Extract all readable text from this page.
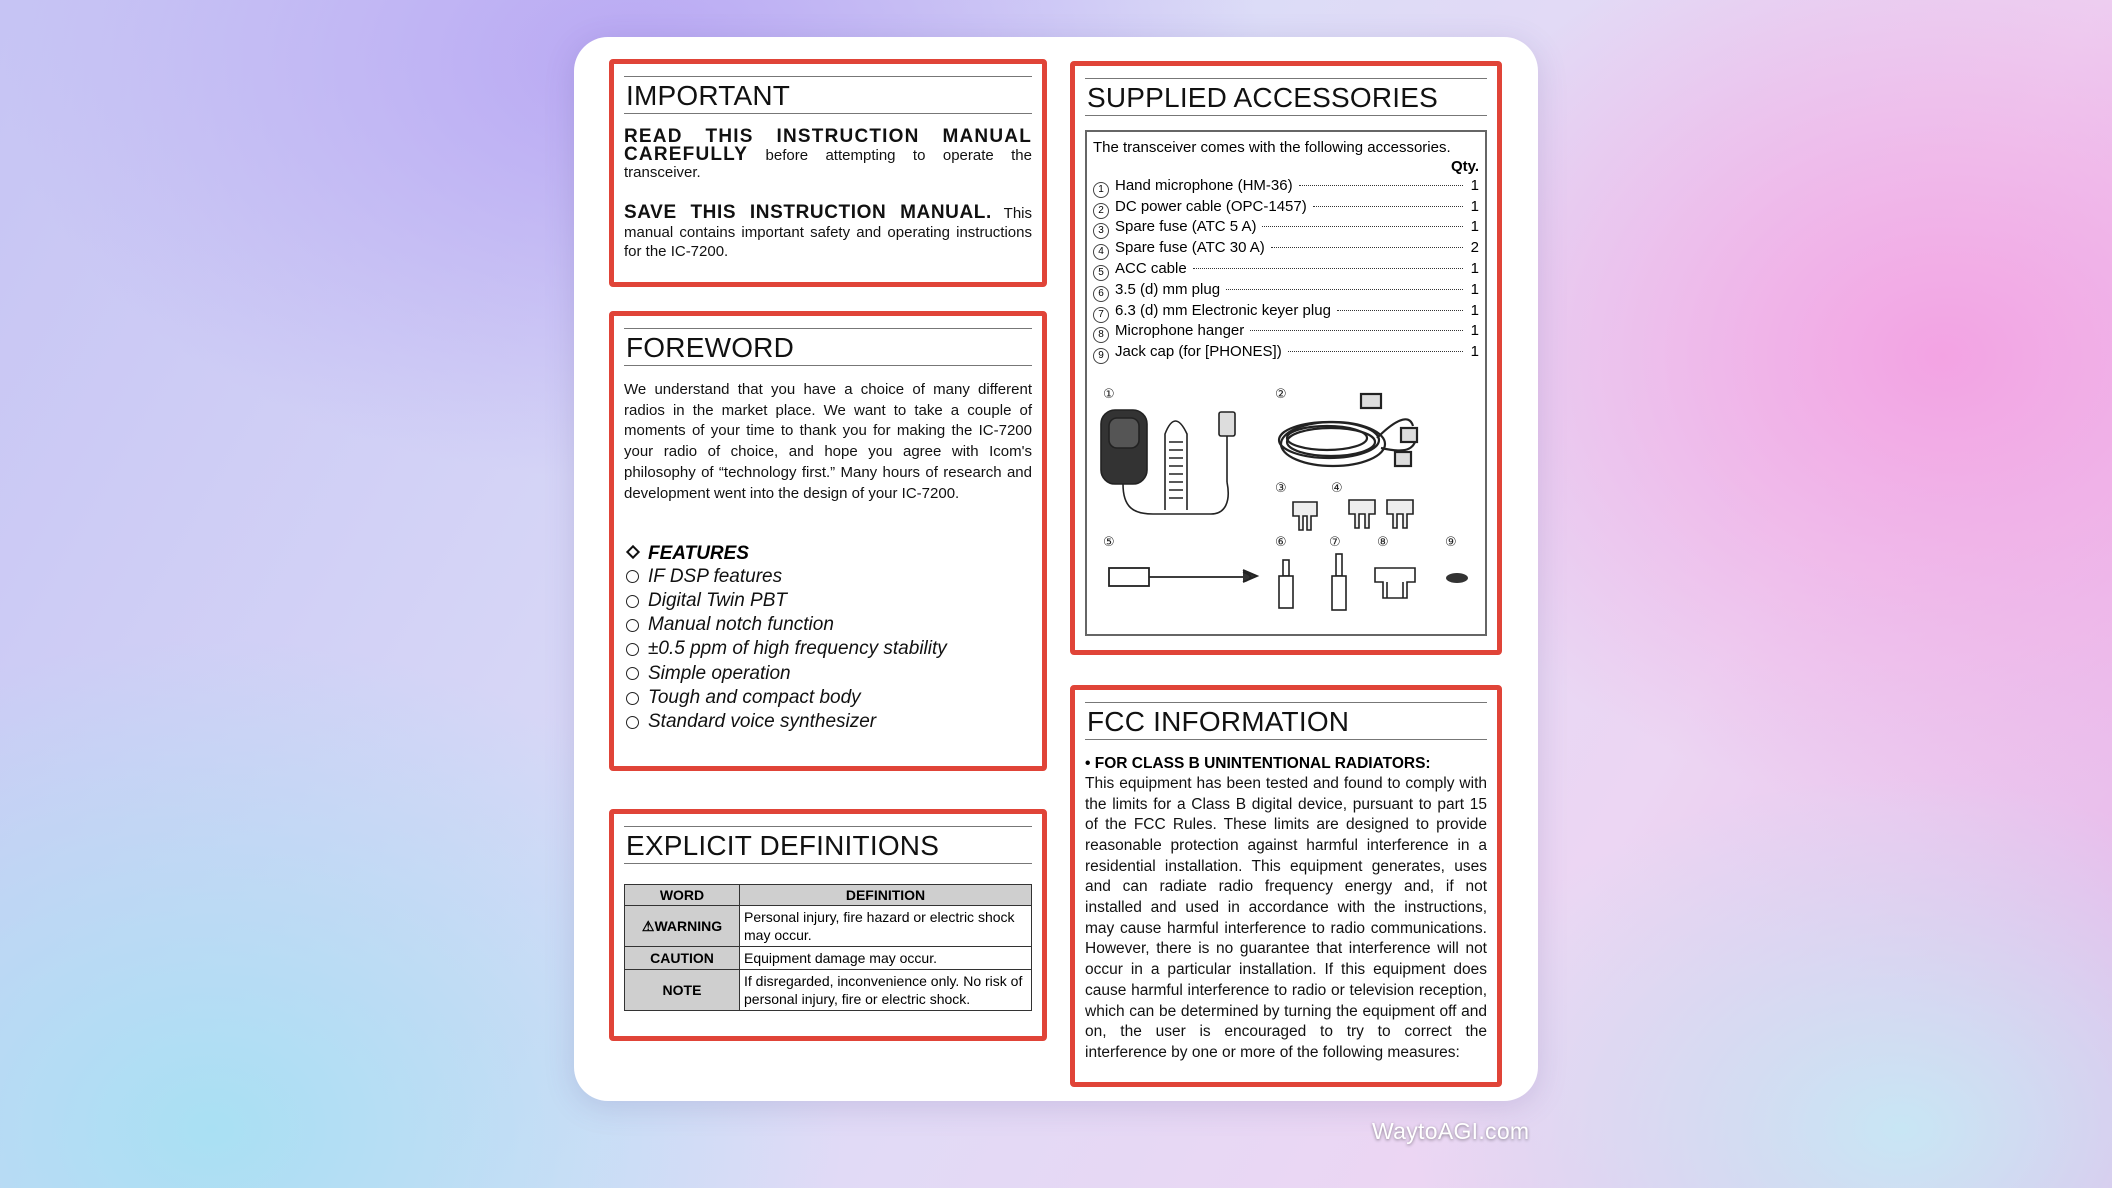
IMPORTANT
READ THIS INSTRUCTION MANUAL CAREFULLY before attempting to operate the transceiver.
SAVE THIS INSTRUCTION MANUAL. This manual contains important safety and operating instructions for the IC-7200.
FOREWORD
We understand that you have a choice of many different radios in the market place. We want to take a couple of moments of your time to thank you for making the IC-7200 your radio of choice, and hope you agree with Icom's philosophy of “technology first.” Many hours of research and development went into the design of your IC-7200.
FEATURES
IF DSP features
Digital Twin PBT
Manual notch function
±0.5 ppm of high frequency stability
Simple operation
Tough and compact body
Standard voice synthesizer
EXPLICIT DEFINITIONS
WORD	DEFINITION
⚠WARNING	Personal injury, fire hazard or electric shock may occur.
CAUTION	Equipment damage may occur.
NOTE	If disregarded, inconvenience only. No risk of personal injury, fire or electric shock.
SUPPLIED ACCESSORIES
The transceiver comes with the following accessories.
Qty.
1 Hand microphone (HM-36)	1
2 DC power cable (OPC-1457)	1
3 Spare fuse (ATC 5 A)	1
4 Spare fuse (ATC 30 A)	2
5 ACC cable	1
6 3.5 (d) mm plug	1
7 6.3 (d) mm Electronic keyer plug	1
8 Microphone hanger	1
9 Jack cap (for [PHONES])	1
①	②
③	④
⑤	⑥	⑦	⑧	⑨
FCC INFORMATION
• FOR CLASS B UNINTENTIONAL RADIATORS:
This equipment has been tested and found to comply with the limits for a Class B digital device, pursuant to part 15 of the FCC Rules. These limits are designed to provide reasonable protection against harmful interference in a residential installation. This equipment generates, uses and can radiate radio frequency energy and, if not installed and used in accordance with the instructions, may cause harmful interference to radio communications. However, there is no guarantee that interference will not occur in a particular installation. If this equipment does cause harmful interference to radio or television reception, which can be determined by turning the equipment off and on, the user is encouraged to try to correct the interference by one or more of the following measures:
WaytoAGI.com
